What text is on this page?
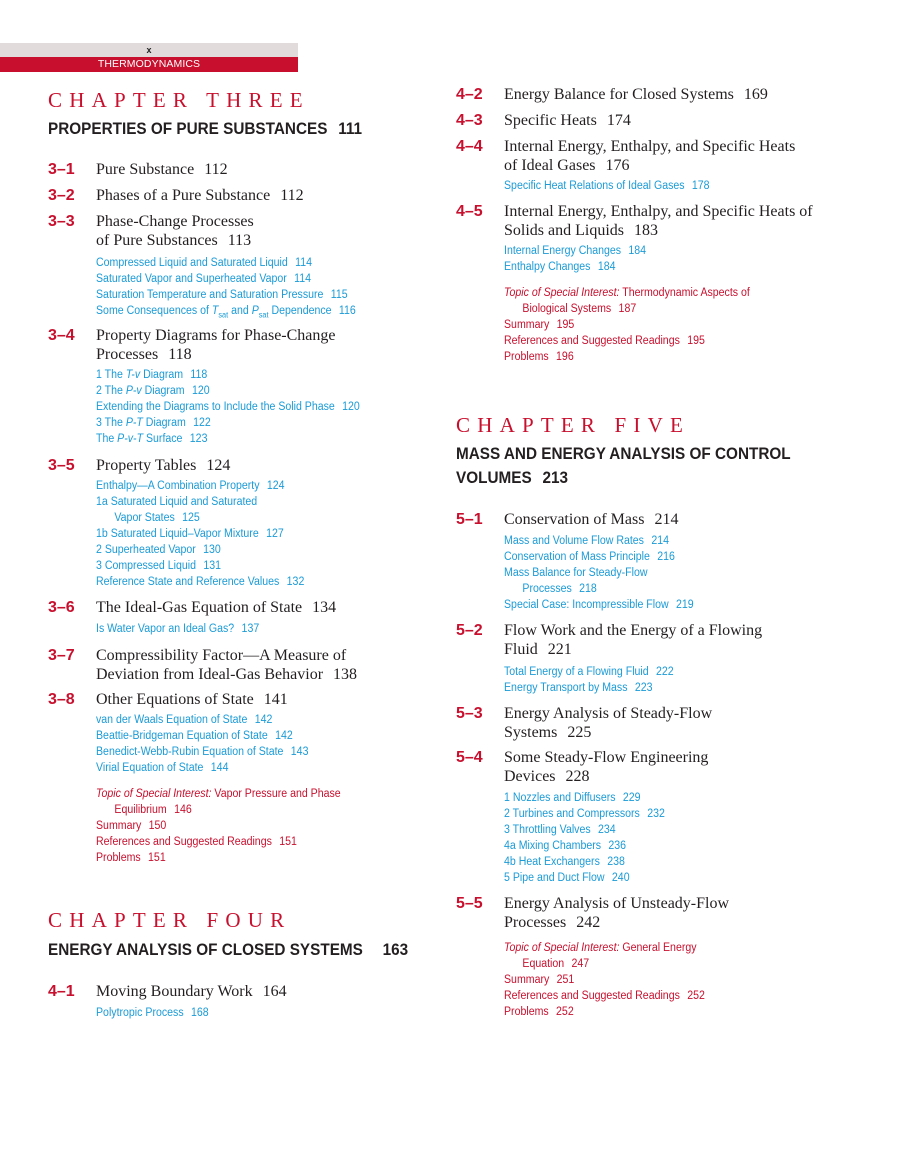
x
THERMODYNAMICS
CHAPTER THREE
PROPERTIES OF PURE SUBSTANCES 111
3–1 Pure Substance 112
3–2 Phases of a Pure Substance 112
3–3 Phase-Change Processes
of Pure Substances 113
Compressed Liquid and Saturated Liquid 114
Saturated Vapor and Superheated Vapor 114
Saturation Temperature and Saturation Pressure 115
Some Consequences of $T_{sat}$ and $P_{sat}$ Dependence 116
3–4 Property Diagrams for Phase-Change
Processes 118
1 The T-v Diagram 118
2 The P-v Diagram 120
Extending the Diagrams to Include the Solid Phase 120
3 The P-T Diagram 122
The P-v-T Surface 123
3–5 Property Tables 124
Enthalpy—A Combination Property 124
1a Saturated Liquid and Saturated
Vapor States 125
1b Saturated Liquid–Vapor Mixture 127
2 Superheated Vapor 130
3 Compressed Liquid 131
Reference State and Reference Values 132
3–6 The Ideal-Gas Equation of State 134
Is Water Vapor an Ideal Gas? 137
3–7 Compressibility Factor—A Measure of
Deviation from Ideal-Gas Behavior 138
3–8 Other Equations of State 141
van der Waals Equation of State 142
Beattie-Bridgeman Equation of State 142
Benedict-Webb-Rubin Equation of State 143
Virial Equation of State 144
Topic of Special Interest: Vapor Pressure and Phase
Equilibrium 146
Summary 150
References and Suggested Readings 151
Problems 151
CHAPTER FOUR
ENERGY ANALYSIS OF CLOSED SYSTEMS 163
4–1 Moving Boundary Work 164
Polytropic Process 168
4–2 Energy Balance for Closed Systems 169
4–3 Specific Heats 174
4–4 Internal Energy, Enthalpy, and Specific Heats
of Ideal Gases 176
Specific Heat Relations of Ideal Gases 178
4–5 Internal Energy, Enthalpy, and Specific Heats of
Solids and Liquids 183
Internal Energy Changes 184
Enthalpy Changes 184
Topic of Special Interest: Thermodynamic Aspects of
Biological Systems 187
Summary 195
References and Suggested Readings 195
Problems 196
CHAPTER FIVE
MASS AND ENERGY ANALYSIS OF CONTROL
VOLUMES 213
5–1 Conservation of Mass 214
Mass and Volume Flow Rates 214
Conservation of Mass Principle 216
Mass Balance for Steady-Flow
Processes 218
Special Case: Incompressible Flow 219
5–2 Flow Work and the Energy of a Flowing
Fluid 221
Total Energy of a Flowing Fluid 222
Energy Transport by Mass 223
5–3 Energy Analysis of Steady-Flow
Systems 225
5–4 Some Steady-Flow Engineering
Devices 228
1 Nozzles and Diffusers 229
2 Turbines and Compressors 232
3 Throttling Valves 234
4a Mixing Chambers 236
4b Heat Exchangers 238
5 Pipe and Duct Flow 240
5–5 Energy Analysis of Unsteady-Flow
Processes 242
Topic of Special Interest: General Energy
Equation 247
Summary 251
References and Suggested Readings 252
Problems 252
